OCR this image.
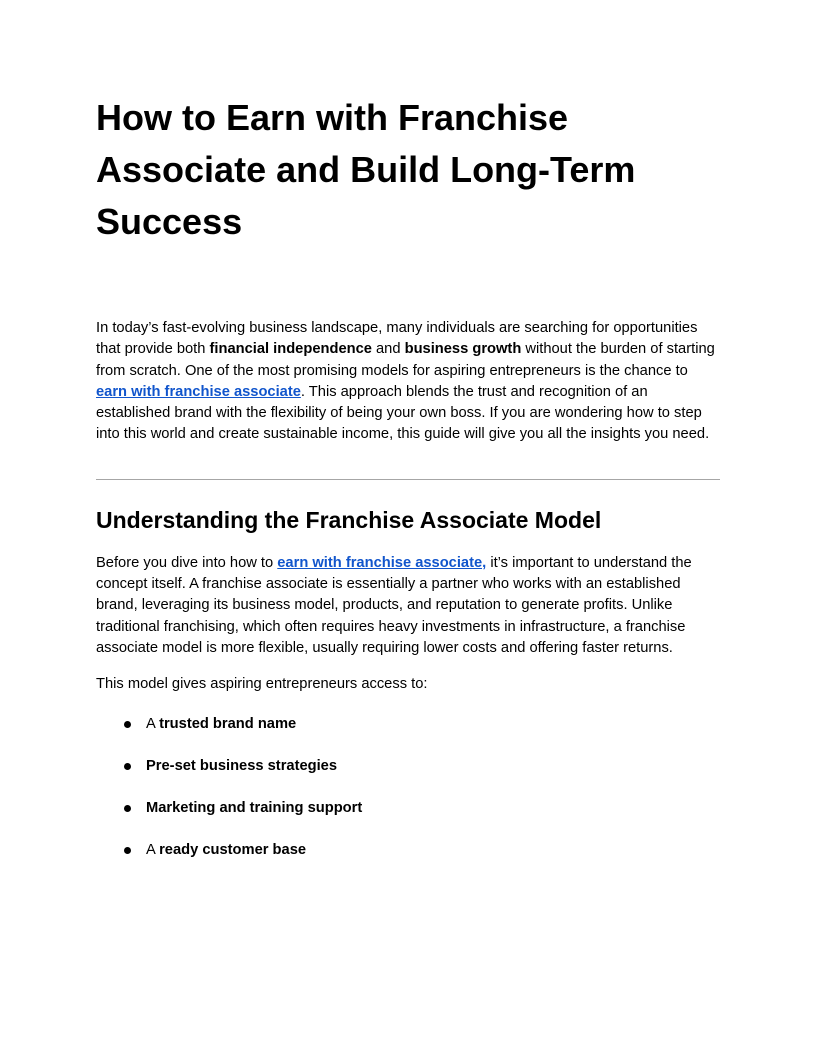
How to Earn with Franchise Associate and Build Long-Term Success

In today’s fast-evolving business landscape, many individuals are searching for opportunities that provide both financial independence and business growth without the burden of starting from scratch. One of the most promising models for aspiring entrepreneurs is the chance to earn with franchise associate. This approach blends the trust and recognition of an established brand with the flexibility of being your own boss. If you are wondering how to step into this world and create sustainable income, this guide will give you all the insights you need.

Understanding the Franchise Associate Model

Before you dive into how to earn with franchise associate, it’s important to understand the concept itself. A franchise associate is essentially a partner who works with an established brand, leveraging its business model, products, and reputation to generate profits. Unlike traditional franchising, which often requires heavy investments in infrastructure, a franchise associate model is more flexible, usually requiring lower costs and offering faster returns.

This model gives aspiring entrepreneurs access to:

A trusted brand name
Pre-set business strategies
Marketing and training support
A ready customer base
